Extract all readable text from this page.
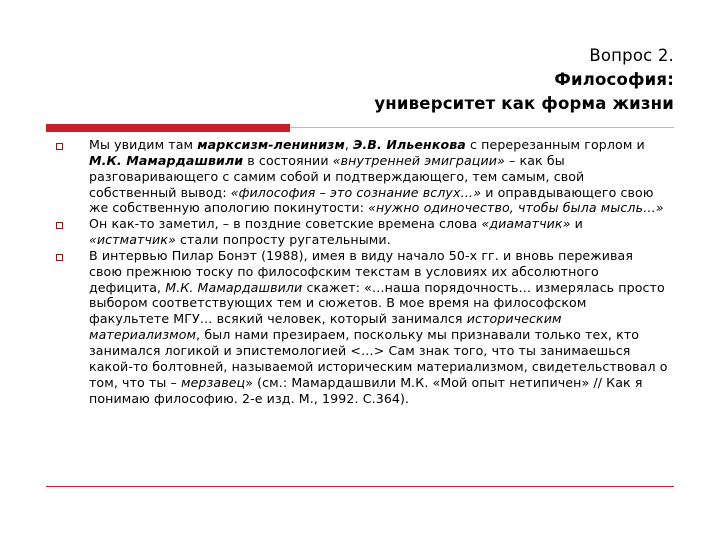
Вопрос 2.
Философия:
университет как форма жизни
Мы увидим там марксизм-ленинизм, Э.В. Ильенкова с перерезанным горлом и М.К. Мамардашвили в состоянии «внутренней эмиграции» – как бы разговаривающего с самим собой и подтверждающего, тем самым, свой собственный вывод: «философия – это сознание вслух…» и оправдывающего свою же собственную апологию покинутости: «нужно одиночество, чтобы была мысль…»
Он как-то заметил, – в поздние советские времена слова «диаматчик» и «истматчик» стали попросту ругательными.
В интервью Пилар Бонэт (1988), имея в виду начало 50-х гг. и вновь переживая свою прежнюю тоску по философским текстам в условиях их абсолютного дефицита, М.К. Мамардашвили скажет: «…наша порядочность… измерялась просто выбором соответствующих тем и сюжетов. В мое время на философском факультете МГУ… всякий человек, который занимался историческим материализмом, был нами презираем, поскольку мы признавали только тех, кто занимался логикой и эпистемологией <…> Сам знак того, что ты занимаешься какой-то болтовней, называемой историческим материализмом, свидетельствовал о том, что ты – мерзавец» (см.: Мамардашвили М.К. «Мой опыт нетипичен» // Как я понимаю философию. 2-е изд. М., 1992. С.364).
